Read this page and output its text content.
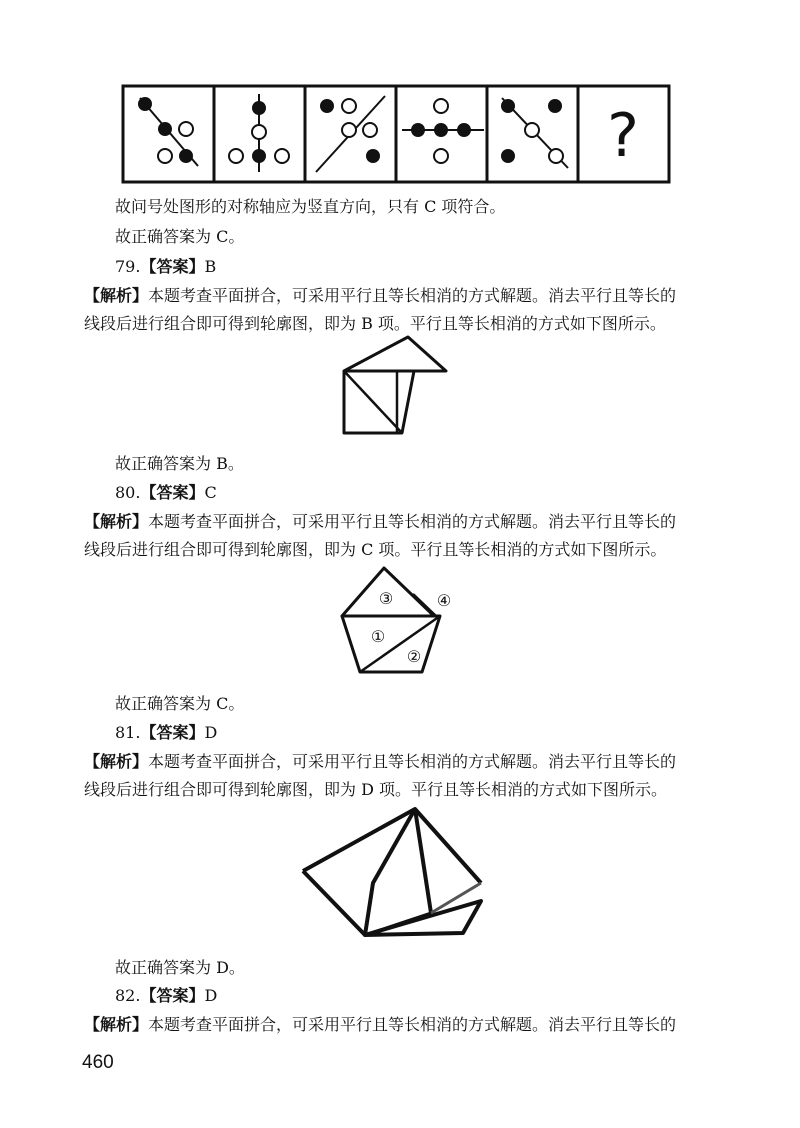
?
故问号处图形的对称轴应为竖直方向，只有 C 项符合。
故正确答案为 C。
79.【答案】B
【解析】本题考查平面拼合，可采用平行且等长相消的方式解题。消去平行且等长的
线段后进行组合即可得到轮廓图，即为 B 项。平行且等长相消的方式如下图所示。
故正确答案为 B。
80.【答案】C
【解析】本题考查平面拼合，可采用平行且等长相消的方式解题。消去平行且等长的
线段后进行组合即可得到轮廓图，即为 C 项。平行且等长相消的方式如下图所示。
③	④
①
②
故正确答案为 C。
81.【答案】D
【解析】本题考查平面拼合，可采用平行且等长相消的方式解题。消去平行且等长的
线段后进行组合即可得到轮廓图，即为 D 项。平行且等长相消的方式如下图所示。
故正确答案为 D。
82.【答案】D
【解析】本题考查平面拼合，可采用平行且等长相消的方式解题。消去平行且等长的
460
